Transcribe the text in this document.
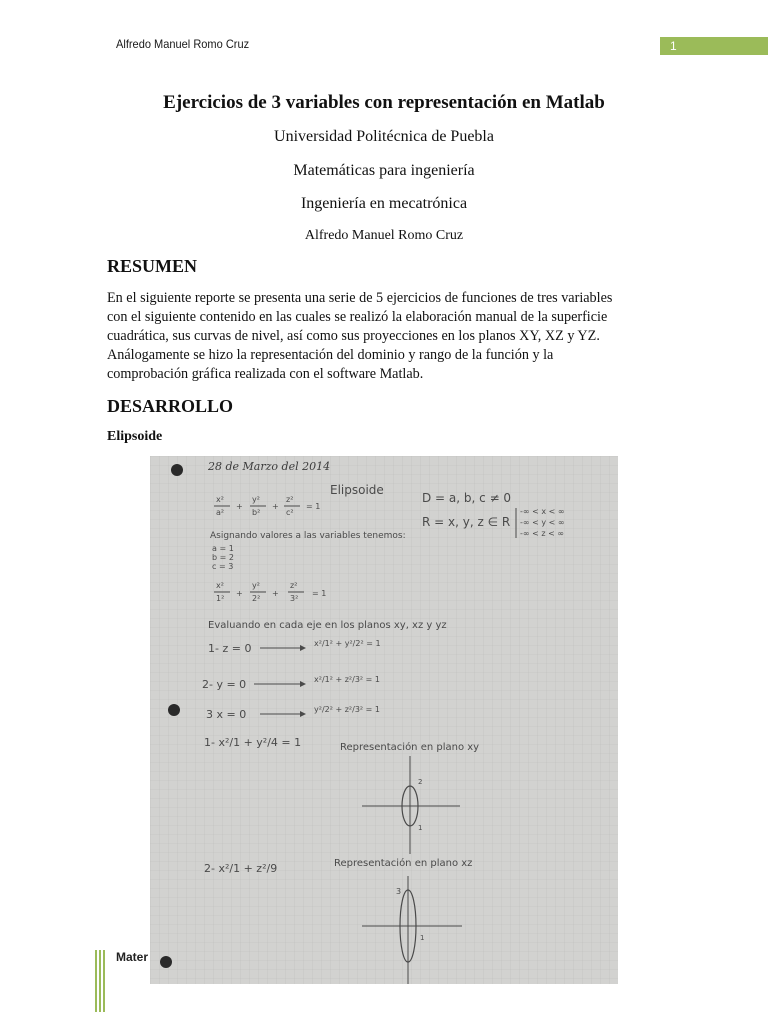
Alfredo Manuel Romo Cruz	1
Ejercicios de 3 variables con representación en Matlab
Universidad Politécnica de Puebla
Matemáticas para ingeniería
Ingeniería en mecatrónica
Alfredo Manuel Romo Cruz
RESUMEN
En el siguiente reporte se presenta una serie de 5 ejercicios de funciones de tres variables
con el siguiente contenido en las cuales se realizó la elaboración manual de la superficie
cuadrática, sus curvas de nivel, así como sus proyecciones en los planos XY, XZ y YZ.
Análogamente se hizo la representación del dominio y rango de la función y la
comprobación gráfica realizada con el software Matlab.
DESARROLLO
Elipsoide
28 de Marzo del 2014
Elipsoide
D = a, b, c ≠ 0
R = x, y, z ∈ R
-∞ < x < ∞
-∞ < y < ∞
-∞ < z < ∞
x²
a²
+
y²
b²
+
z²
c²
= 1
Asignando valores a las variables tenemos:
a = 1
b = 2
c = 3
x²
1²
+
y²
2²
+
z²
3²
= 1
Evaluando en cada eje en los planos xy, xz y yz
1- z = 0	x²/1² + y²/2² = 1
2- y = 0	x²/1² + z²/3² = 1
3 x = 0	y²/2² + z²/3² = 1
1- x²/1 + y²/4 = 1	Representación en plano xy
2
1
2- x²/1 + z²/9	Representación en plano xz
3
1
Mater
